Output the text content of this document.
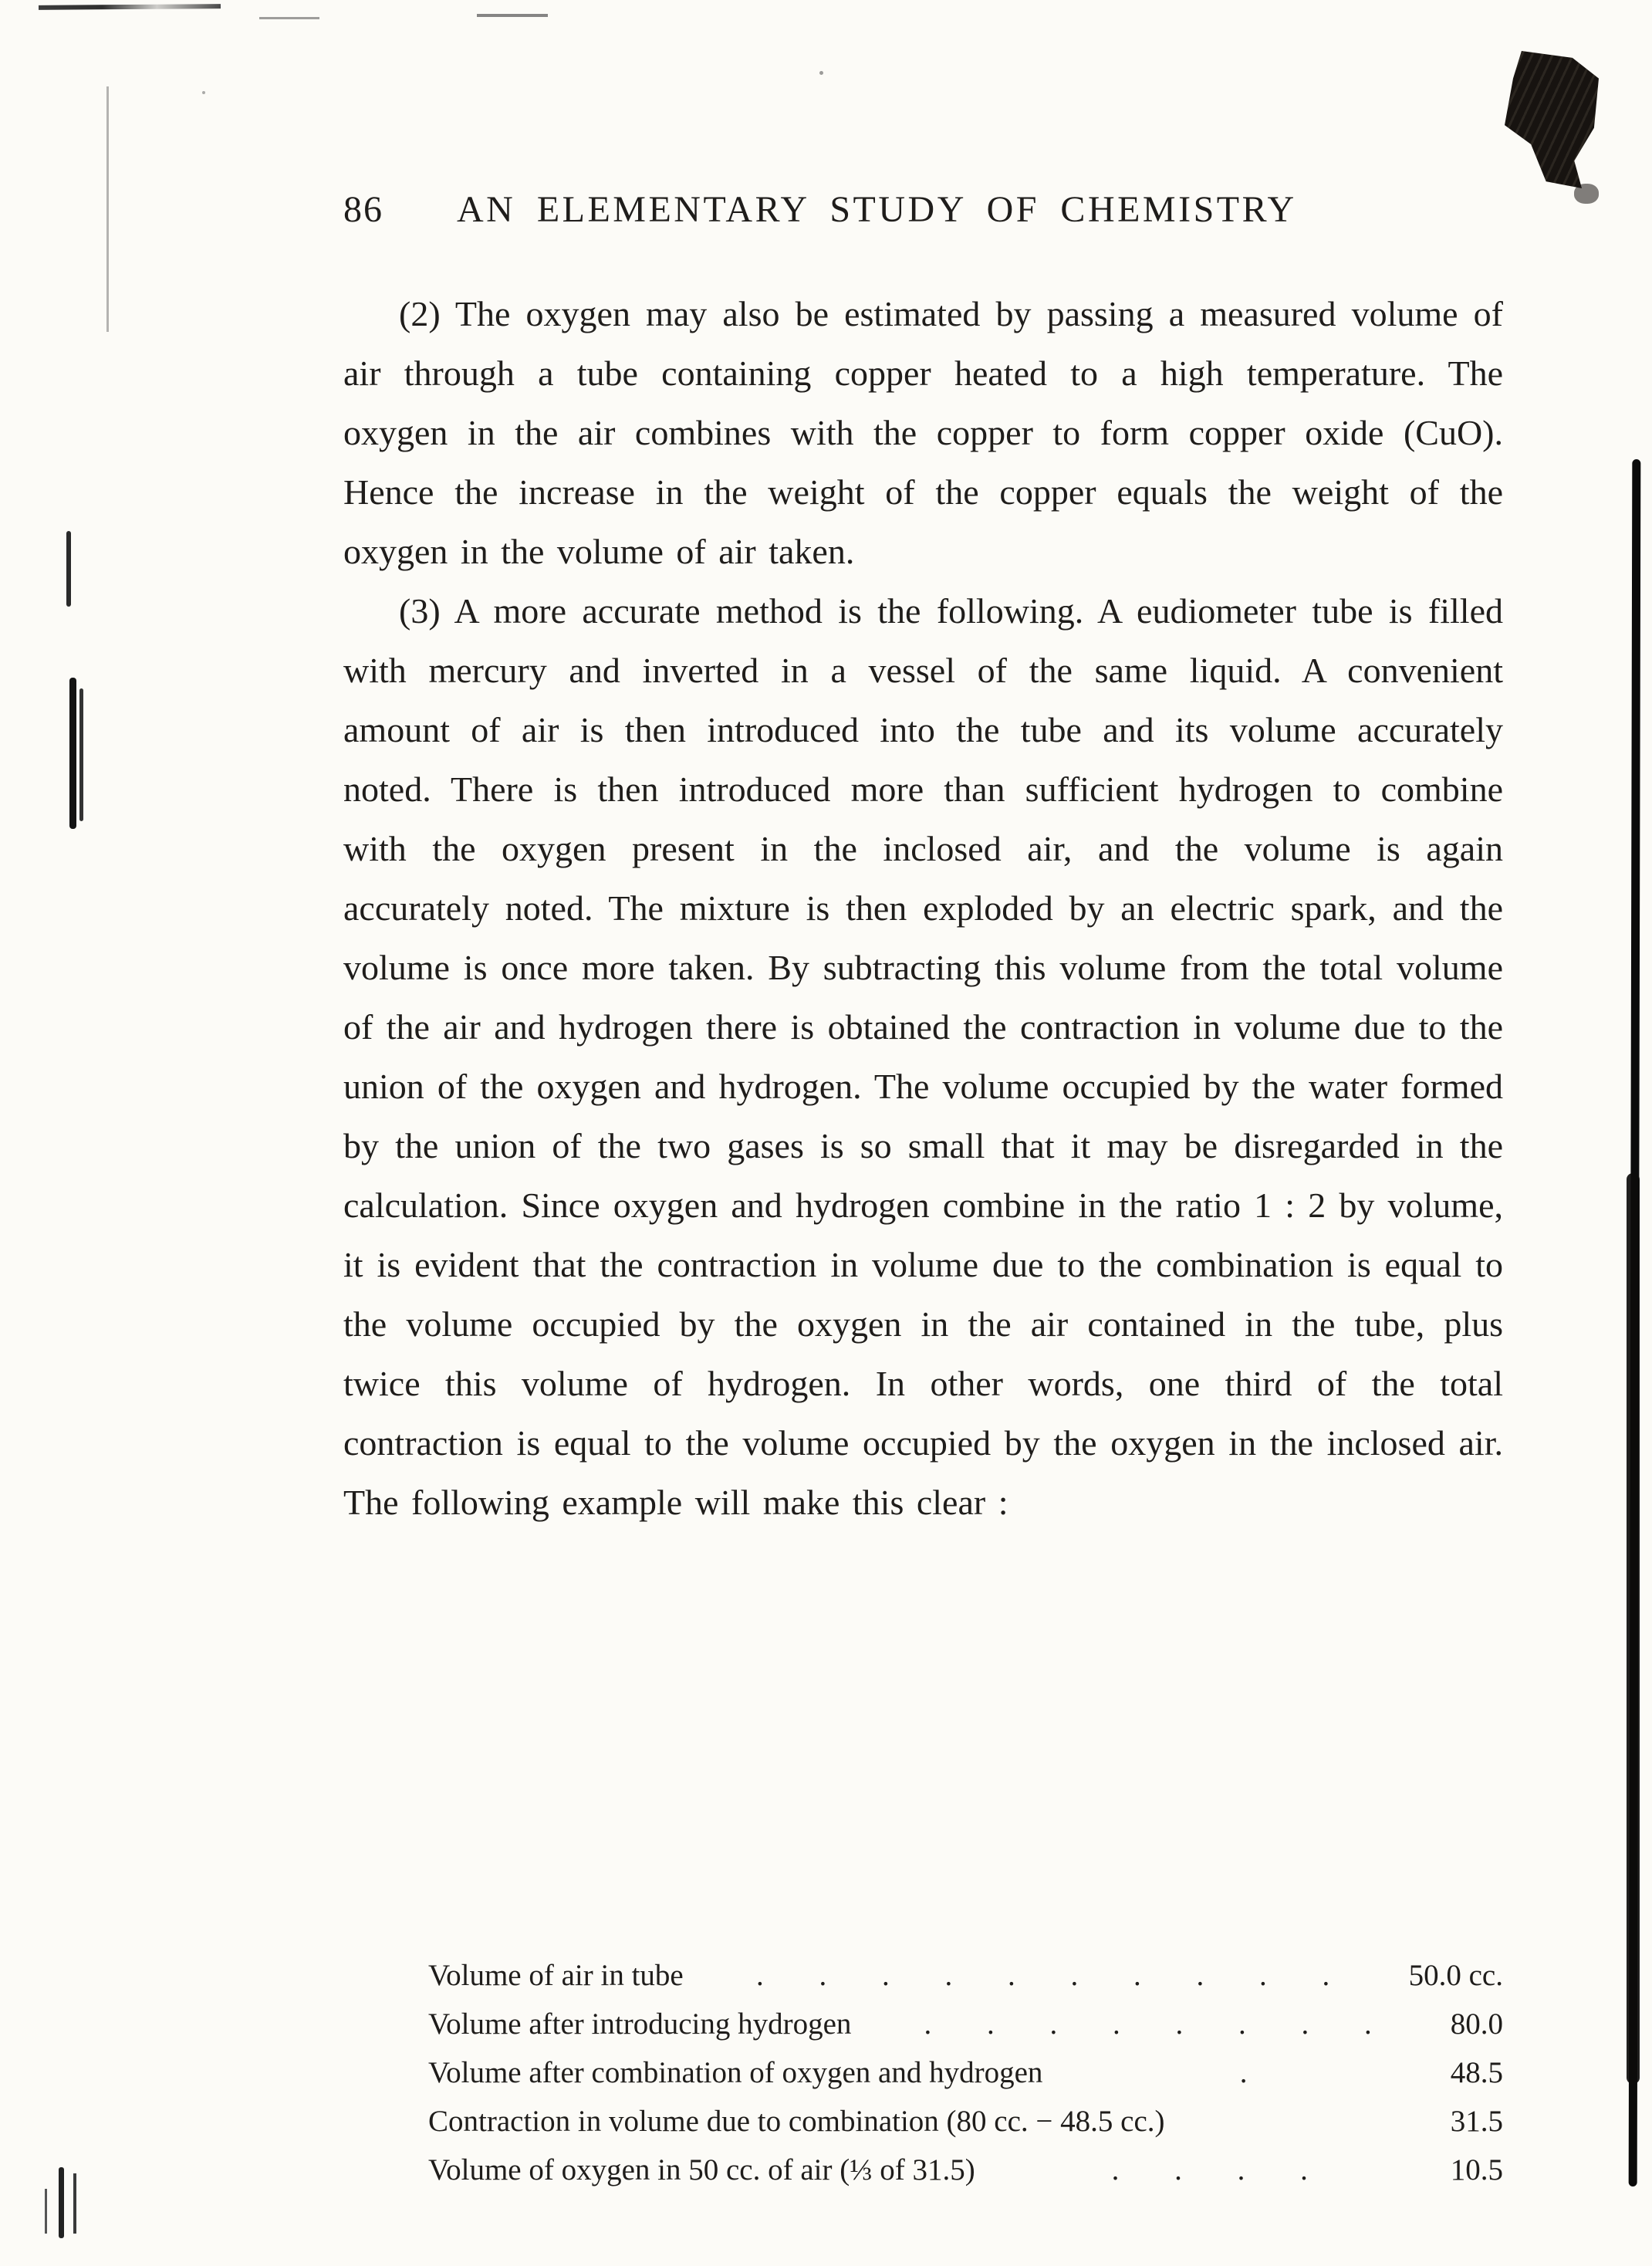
86 AN ELEMENTARY STUDY OF CHEMISTRY

(2) The oxygen may also be estimated by passing a measured volume of air through a tube containing copper heated to a high temperature. The oxygen in the air combines with the copper to form copper oxide (CuO). Hence the increase in the weight of the copper equals the weight of the oxygen in the volume of air taken.

(3) A more accurate method is the following. A eudiometer tube is filled with mercury and inverted in a vessel of the same liquid. A convenient amount of air is then introduced into the tube and its volume accurately noted. There is then introduced more than sufficient hydrogen to combine with the oxygen present in the inclosed air, and the volume is again accurately noted. The mixture is then exploded by an electric spark, and the volume is once more taken. By subtracting this volume from the total volume of the air and hydrogen there is obtained the contraction in volume due to the union of the oxygen and hydrogen. The volume occupied by the water formed by the union of the two gases is so small that it may be disregarded in the calculation. Since oxygen and hydrogen combine in the ratio 1 : 2 by volume, it is evident that the contraction in volume due to the combination is equal to the volume occupied by the oxygen in the air contained in the tube, plus twice this volume of hydrogen. In other words, one third of the total contraction is equal to the volume occupied by the oxygen in the inclosed air. The following example will make this clear :

Volume of air in tube	. . . . . . . . . .	50.0 cc.
Volume after introducing hydrogen	. . . . . . . .	80.0
Volume after combination of oxygen and hydrogen	.	48.5
Contraction in volume due to combination (80 cc. − 48.5 cc.)	31.5
Volume of oxygen in 50 cc. of air (⅓ of 31.5)	. . . .	10.5
